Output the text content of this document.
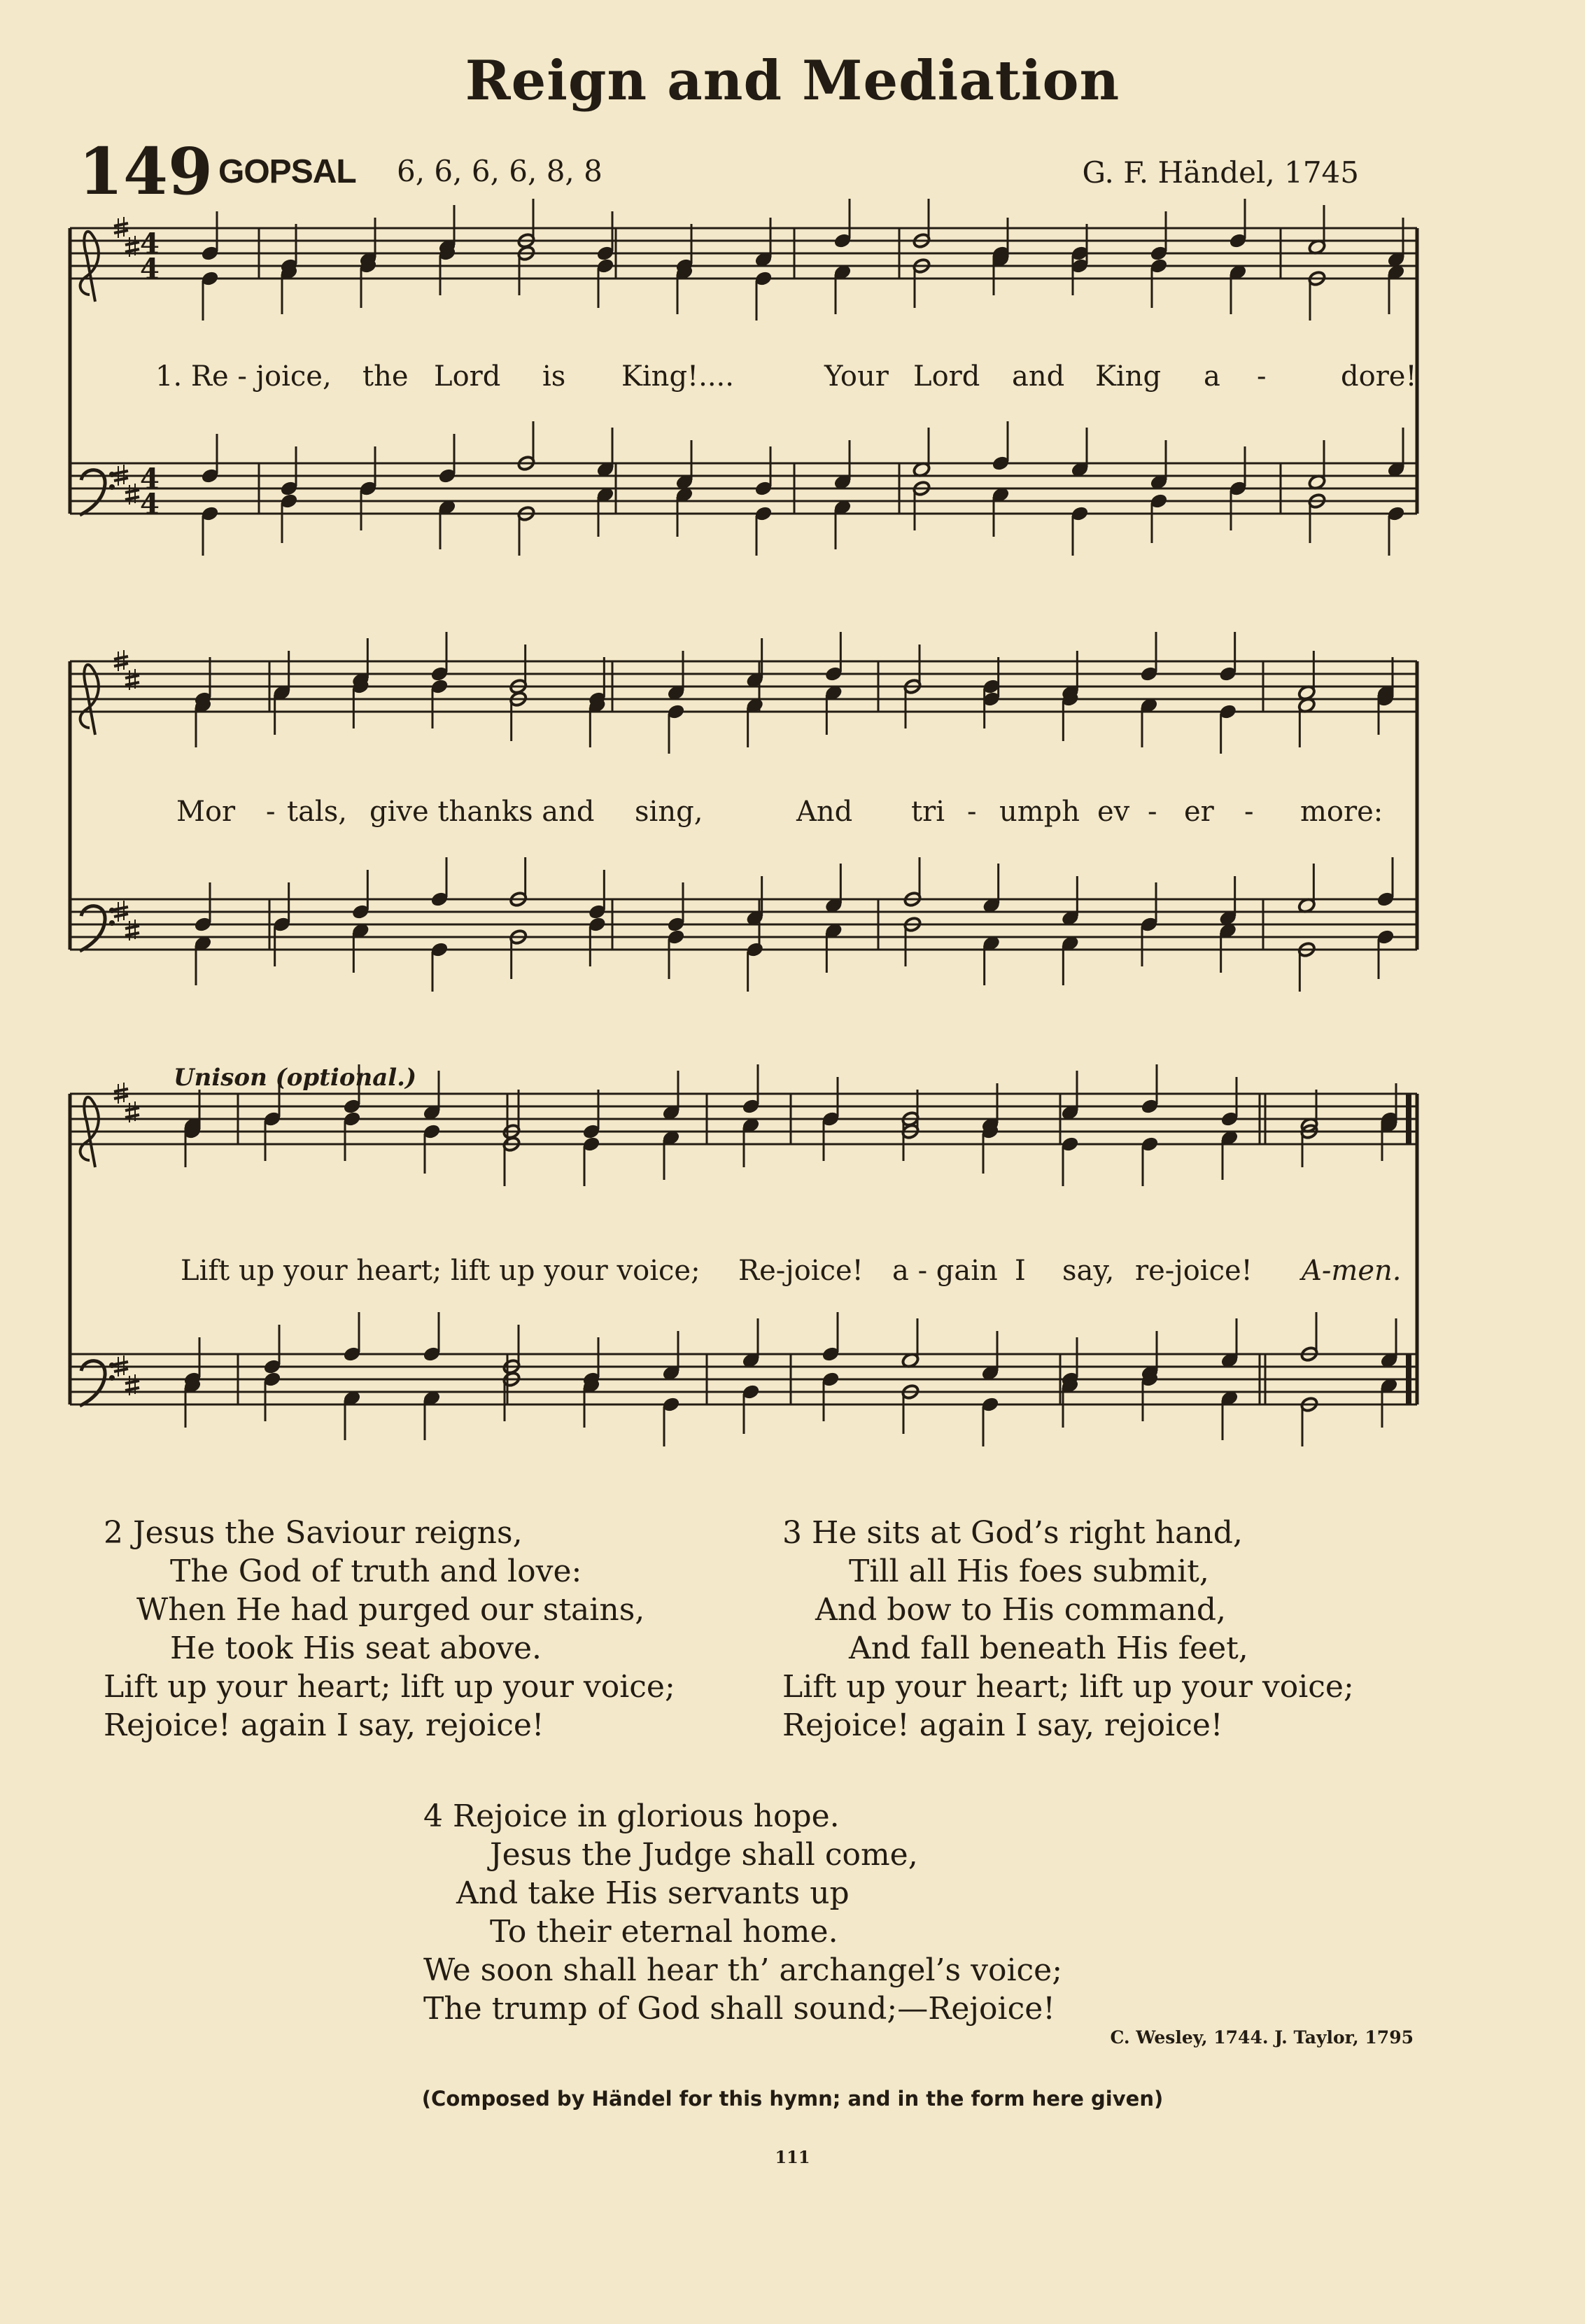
Reign and Mediation
149 GOPSAL 6, 6, 6, 6, 8, 8	G. F. Händel, 1745
4
4
4
4
1. Re - joice, the Lord is King!....	Your Lord and King a -	dore!
Mor - tals, give thanks and sing,	And tri - umph ev - er - more:
Unison (optional.)
Lift up your heart; lift up your voice; Re-joice! a - gain I say, re-joice! A-men.
2 Jesus the Saviour reigns,
The God of truth and love:
When He had purged our stains,
He took His seat above.
Lift up your heart; lift up your voice;
Rejoice! again I say, rejoice!
3 He sits at God’s right hand,
Till all His foes submit,
And bow to His command,
And fall beneath His feet,
Lift up your heart; lift up your voice;
Rejoice! again I say, rejoice!
4 Rejoice in glorious hope.
Jesus the Judge shall come,
And take His servants up
To their eternal home.
We soon shall hear th’ archangel’s voice;
The trump of God shall sound;—Rejoice!
C. Wesley, 1744. J. Taylor, 1795
(Composed by Händel for this hymn; and in the form here given)
111
